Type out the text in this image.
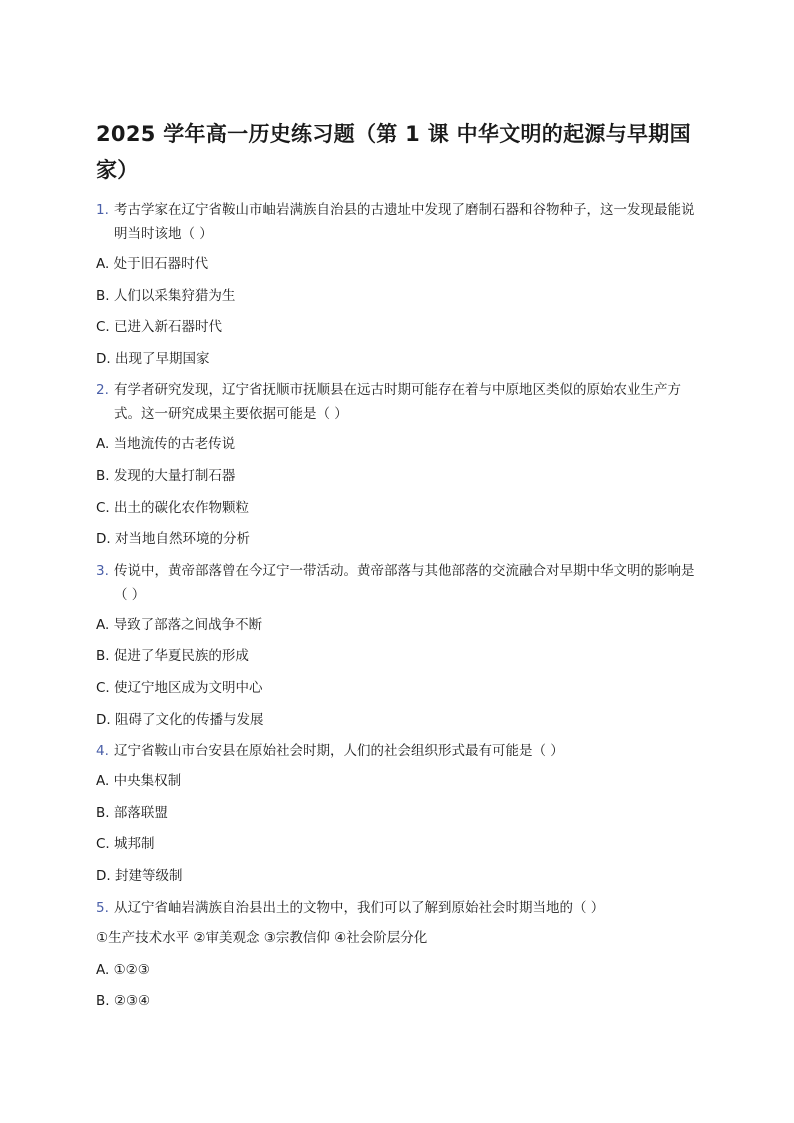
2025 学年高一历史练习题（第 1 课 中华文明的起源与早期国家）
1. 考古学家在辽宁省鞍山市岫岩满族自治县的古遗址中发现了磨制石器和谷物种子，这一发现最能说明当时该地（ ）
A. 处于旧石器时代
B. 人们以采集狩猎为生
C. 已进入新石器时代
D. 出现了早期国家
2. 有学者研究发现，辽宁省抚顺市抚顺县在远古时期可能存在着与中原地区类似的原始农业生产方式。这一研究成果主要依据可能是（ ）
A. 当地流传的古老传说
B. 发现的大量打制石器
C. 出土的碳化农作物颗粒
D. 对当地自然环境的分析
3. 传说中，黄帝部落曾在今辽宁一带活动。黄帝部落与其他部落的交流融合对早期中华文明的影响是（ ）
A. 导致了部落之间战争不断
B. 促进了华夏民族的形成
C. 使辽宁地区成为文明中心
D. 阻碍了文化的传播与发展
4. 辽宁省鞍山市台安县在原始社会时期，人们的社会组织形式最有可能是（ ）
A. 中央集权制
B. 部落联盟
C. 城邦制
D. 封建等级制
5. 从辽宁省岫岩满族自治县出土的文物中，我们可以了解到原始社会时期当地的（ ）
①生产技术水平 ②审美观念 ③宗教信仰 ④社会阶层分化
A. ①②③
B. ②③④
